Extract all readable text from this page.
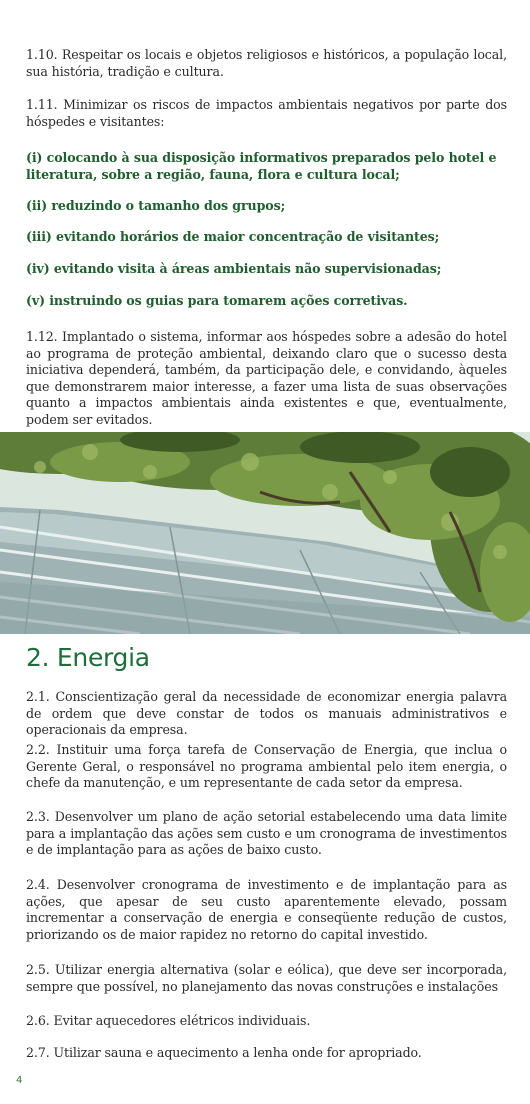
1.10. Respeitar os locais e objetos religiosos e históricos, a população local, sua história, tradição e cultura.

1.11. Minimizar os riscos de impactos ambientais negativos por parte dos hóspedes e visitantes:

(i) colocando à sua disposição informativos preparados pelo hotel e literatura, sobre a região, fauna, flora e cultura local;

(ii) reduzindo o tamanho dos grupos;

(iii) evitando horários de maior concentração de visitantes;

(iv) evitando visita à áreas ambientais não supervisionadas;

(v) instruindo os guias para tomarem ações corretivas.

1.12. Implantado o sistema, informar aos hóspedes sobre a adesão do hotel ao programa de proteção ambiental, deixando claro que o sucesso desta iniciativa dependerá, também, da participação dele, e convidando, àqueles que demonstrarem maior interesse, a fazer uma lista de suas observações quanto a impactos ambientais ainda existentes e que, eventualmente, podem ser evitados.

2. Energia

2.1. Conscientização geral da necessidade de economizar energia palavra de ordem que deve constar de todos os manuais administrativos e operacionais da empresa.

2.2. Instituir uma força tarefa de Conservação de Energia, que inclua o Gerente Geral, o responsável no programa ambiental pelo item energia, o chefe da manutenção, e um representante de cada setor da empresa.

2.3. Desenvolver um plano de ação setorial estabelecendo uma data limite para a implantação das ações sem custo e um cronograma de investimentos e de implantação para as ações de baixo custo.

2.4. Desenvolver cronograma de investimento e de implantação para as ações, que apesar de seu custo aparentemente elevado, possam incrementar a conservação de energia e conseqüente redução de custos, priorizando os de maior rapidez no retorno do capital investido.

2.5. Utilizar energia alternativa (solar e eólica), que deve ser incorporada, sempre que possível, no planejamento das novas construções e instalações

2.6. Evitar aquecedores elétricos individuais.

2.7. Utilizar sauna e aquecimento a lenha onde for apropriado.

4
